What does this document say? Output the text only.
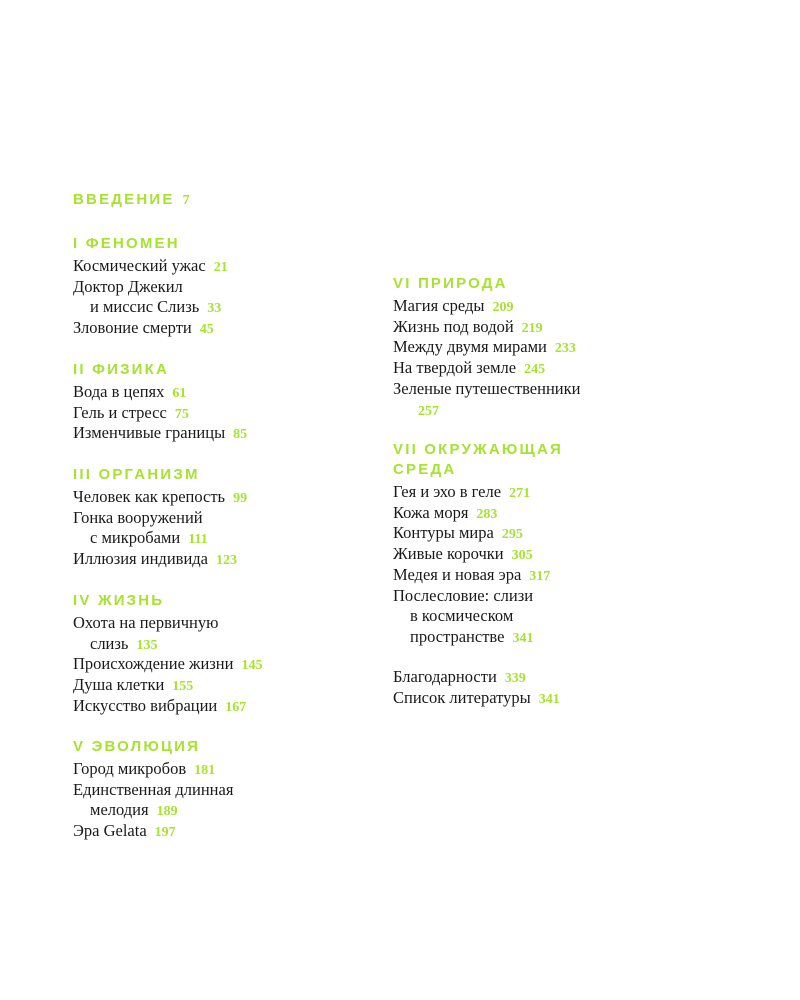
ВВЕДЕНИЕ 7
I ФЕНОМЕН
Космический ужас 21
Доктор Джекил
и миссис Слизь 33
Зловоние смерти 45
II ФИЗИКА
Вода в цепях 61
Гель и стресс 75
Изменчивые границы 85
III ОРГАНИЗМ
Человек как крепость 99
Гонка вооружений
с микробами 111
Иллюзия индивида 123
IV ЖИЗНЬ
Охота на первичную
слизь 135
Происхождение жизни 145
Душа клетки 155
Искусство вибрации 167
V ЭВОЛЮЦИЯ
Город микробов 181
Единственная длинная
мелодия 189
Эра Gelata 197
VI ПРИРОДА
Магия среды 209
Жизнь под водой 219
Между двумя мирами 233
На твердой земле 245
Зеленые путешественники
257
VII ОКРУЖАЮЩАЯ
СРЕДА
Гея и эхо в геле 271
Кожа моря 283
Контуры мира 295
Живые корочки 305
Медея и новая эра 317
Послесловие: слизи
в космическом
пространстве 341
Благодарности 339
Список литературы 341
